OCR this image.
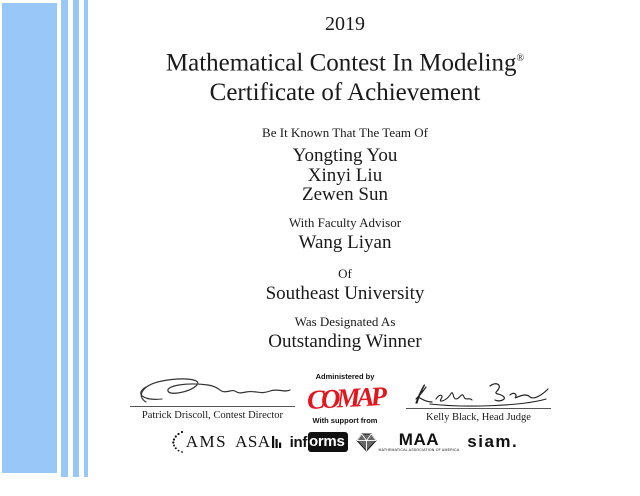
2019
Mathematical Contest In Modeling®
Certificate of Achievement
Be It Known That The Team Of
Yongting You
Xinyi Liu
Zewen Sun
With Faculty Advisor
Wang Liyan
Of
Southeast University
Was Designated As
Outstanding Winner
Patrick Driscoll, Contest Director
Administered by
COMAP
With support from	Kelly Black, Head Judge
AMS ASA inf orms	MAA
MATHEMATICAL ASSOCIATION OF AMERICA siam.
